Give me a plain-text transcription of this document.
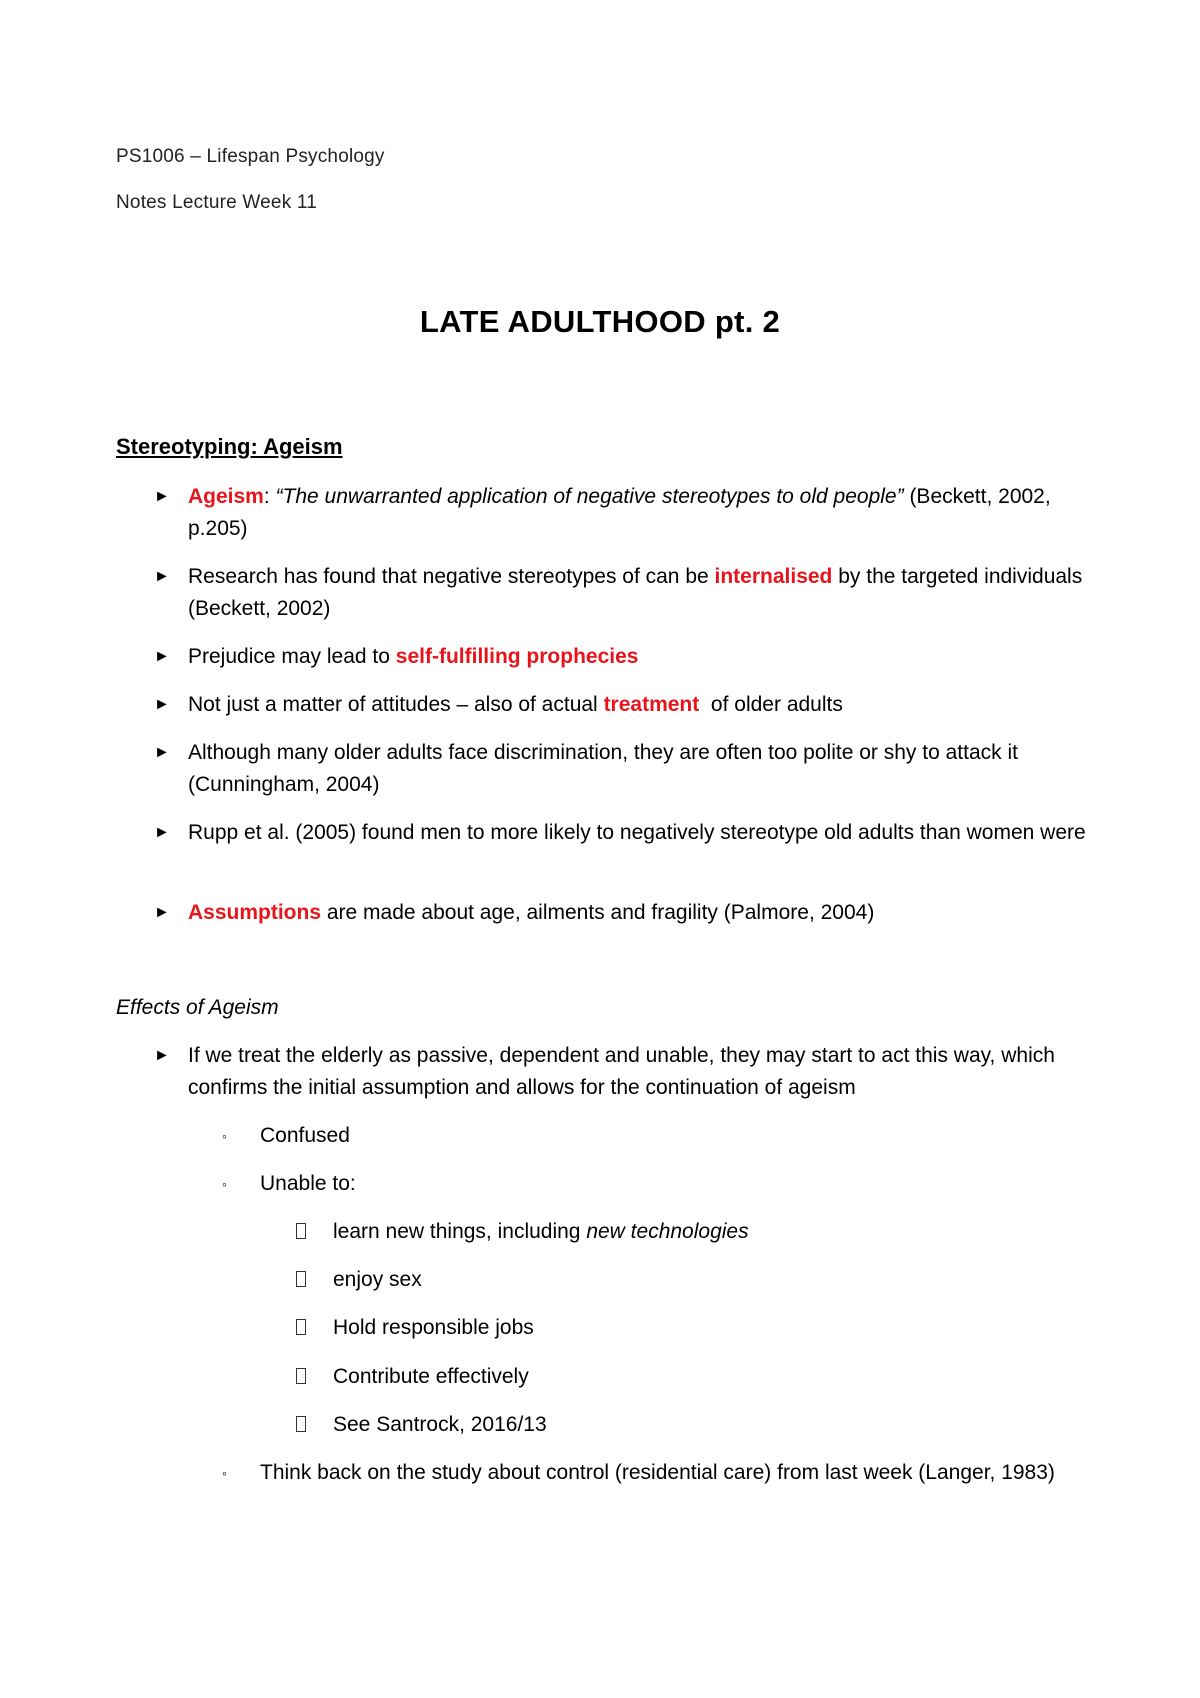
PS1006 – Lifespan Psychology
Notes Lecture Week 11
LATE ADULTHOOD pt. 2
Stereotyping: Ageism
► Ageism: “The unwarranted application of negative stereotypes to old people” (Beckett, 2002, p.205)
► Research has found that negative stereotypes of can be internalised by the targeted individuals (Beckett, 2002)
► Prejudice may lead to self-fulfilling prophecies
► Not just a matter of attitudes – also of actual treatment  of older adults
► Although many older adults face discrimination, they are often too polite or shy to attack it (Cunningham, 2004)
► Rupp et al. (2005) found men to more likely to negatively stereotype old adults than women were
► Assumptions are made about age, ailments and fragility (Palmore, 2004)
Effects of Ageism
► If we treat the elderly as passive, dependent and unable, they may start to act this way, which confirms the initial assumption and allows for the continuation of ageism
◦ Confused
◦ Unable to:
learn new things, including new technologies
enjoy sex
Hold responsible jobs
Contribute effectively
See Santrock, 2016/13
◦ Think back on the study about control (residential care) from last week (Langer, 1983)
